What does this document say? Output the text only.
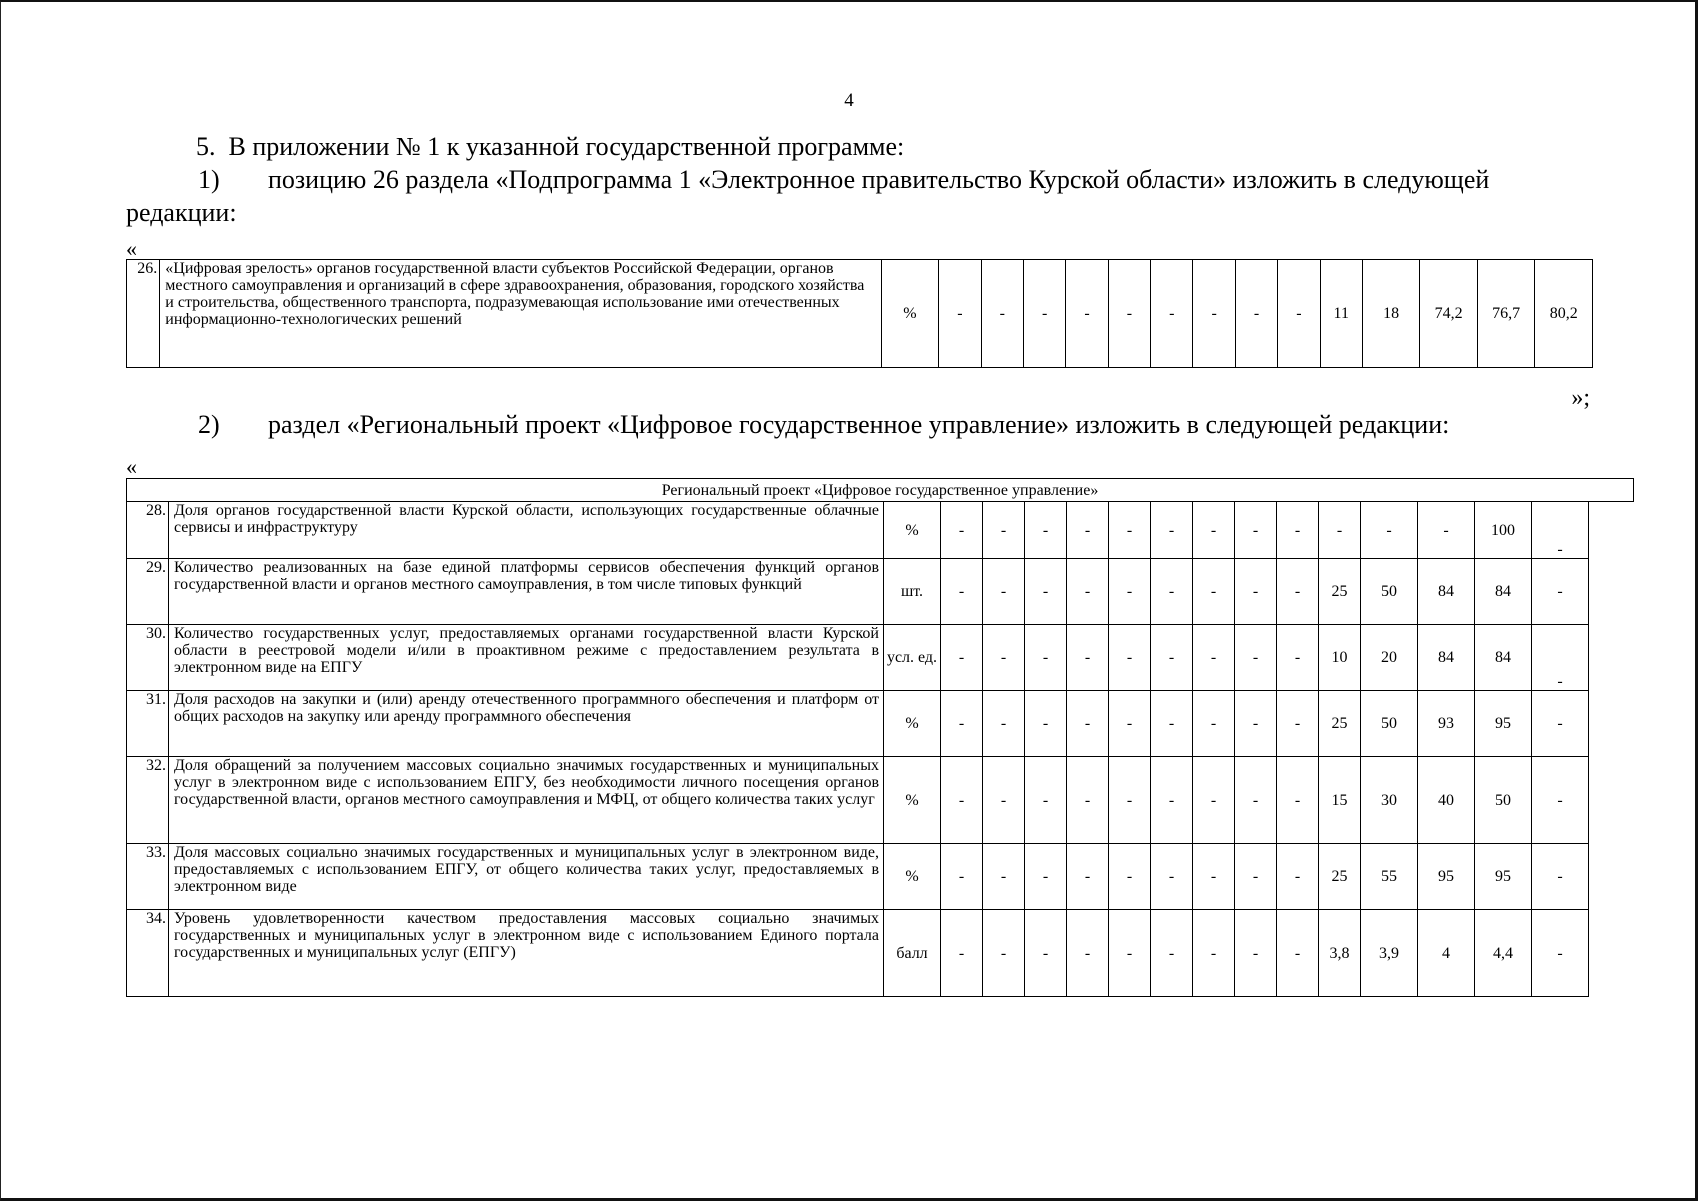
4
5.  В приложении № 1 к указанной государственной программе:
1) позицию 26 раздела «Подпрограмма 1 «Электронное правительство Курской области» изложить в следующей
редакции:
«
26.	«Цифровая зрелость» органов государственной власти субъектов Российской Федерации, органов местного самоуправления и организаций в сфере здравоохранения, образования, городского хозяйства и строительства, общественного транспорта, подразумевающая использование ими отечественных информационно-технологических решений	%	-	-	-	-	-	-	-	-	-	11	18	74,2	76,7	80,2
»;
2) раздел «Региональный проект «Цифровое государственное управление» изложить в следующей редакции:
«
Региональный проект «Цифровое государственное управление»																
28.	Доля органов государственной власти Курской области, использующих государственные облачные сервисы и инфраструктуру	%	-	-	-	-	-	-	-	-	-	-	-	-	100	-
29.	Количество реализованных на базе единой платформы сервисов обеспечения функций органов государственной власти и органов местного самоуправления, в том числе типовых функций	шт.	-	-	-	-	-	-	-	-	-	25	50	84	84	-
30.	Количество государственных услуг, предоставляемых органами государственной власти Курской области в реестровой модели и/или в проактивном режиме с предоставлением результата в электронном виде на ЕПГУ	усл. ед.	-	-	-	-	-	-	-	-	-	10	20	84	84	-
31.	Доля расходов на закупки и (или) аренду отечественного программного обеспечения и платформ от общих расходов на закупку или аренду программного обеспечения	%	-	-	-	-	-	-	-	-	-	25	50	93	95	-
32.	Доля обращений за получением массовых социально значимых государственных и муниципальных услуг в электронном виде с использованием ЕПГУ, без необходимости личного посещения органов государственной власти, органов местного самоуправления и МФЦ, от общего количества таких услуг	%	-	-	-	-	-	-	-	-	-	15	30	40	50	-
33.	Доля массовых социально значимых государственных и муниципальных услуг в электронном виде, предоставляемых с использованием ЕПГУ, от общего количества таких услуг, предоставляемых в электронном виде	%	-	-	-	-	-	-	-	-	-	25	55	95	95	-
34.	Уровень удовлетворенности качеством предоставления массовых социально значимых государственных и муниципальных услуг в электронном виде с использованием Единого портала государственных и муниципальных услуг (ЕПГУ)	балл	-	-	-	-	-	-	-	-	-	3,8	3,9	4	4,4	-
